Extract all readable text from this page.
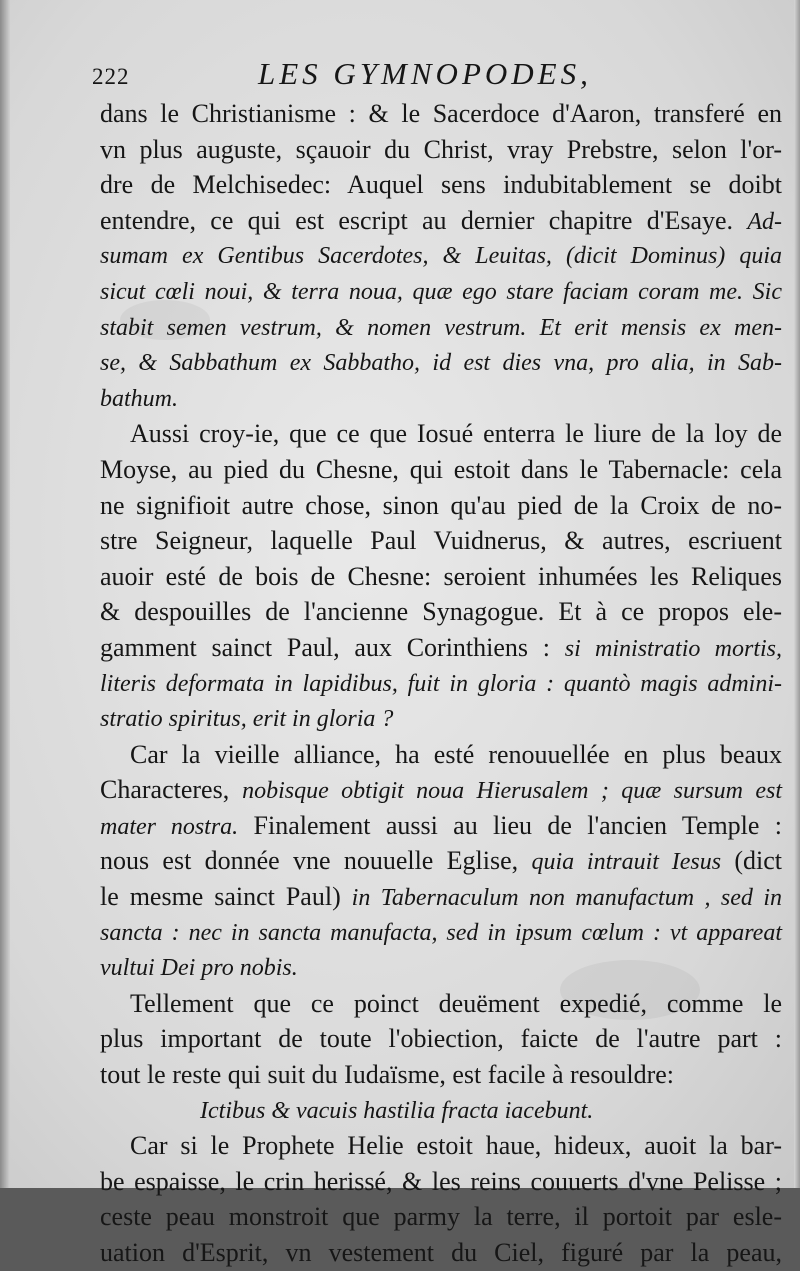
222	LES GYMNOPODES,
dans le Christianisme : & le Sacerdoce d'Aaron, transferé en
vn plus auguste, sçauoir du Christ, vray Prebstre, selon l'or-
dre de Melchisedec: Auquel sens indubitablement se doibt
entendre, ce qui est escript au dernier chapitre d'Esaye. Ad-
sumam ex Gentibus Sacerdotes, & Leuitas, (dicit Dominus) quia
sicut cœli noui, & terra noua, quæ ego stare faciam coram me. Sic
stabit semen vestrum, & nomen vestrum. Et erit mensis ex men-
se, & Sabbathum ex Sabbatho, id est dies vna, pro alia, in Sab-
bathum.
Aussi croy-ie, que ce que Iosué enterra le liure de la loy de
Moyse, au pied du Chesne, qui estoit dans le Tabernacle: cela
ne signifioit autre chose, sinon qu'au pied de la Croix de no-
stre Seigneur, laquelle Paul Vuidnerus, & autres, escriuent
auoir esté de bois de Chesne: seroient inhumées les Reliques
& despouilles de l'ancienne Synagogue. Et à ce propos ele-
gamment sainct Paul, aux Corinthiens : si ministratio mortis,
literis deformata in lapidibus, fuit in gloria : quantò magis admini-
stratio spiritus, erit in gloria ?
Car la vieille alliance, ha esté renouuellée en plus beaux
Characteres, nobisque obtigit noua Hierusalem ; quæ sursum est
mater nostra. Finalement aussi au lieu de l'ancien Temple :
nous est donnée vne nouuelle Eglise, quia intrauit Iesus (dict
le mesme sainct Paul) in Tabernaculum non manufactum , sed in
sancta : nec in sancta manufacta, sed in ipsum cœlum : vt appareat
vultui Dei pro nobis.
Tellement que ce poinct deuëment expedié, comme le
plus important de toute l'obiection, faicte de l'autre part :
tout le reste qui suit du Iudaïsme, est facile à resouldre:
Ictibus & vacuis hastilia fracta iacebunt.
Car si le Prophete Helie estoit haue, hideux, auoit la bar-
be espaisse, le crin herissé, & les reins couuerts d'vne Pelisse ;
ceste peau monstroit que parmy la terre, il portoit par esle-
uation d'Esprit, vn vestement du Ciel, figuré par la peau,
